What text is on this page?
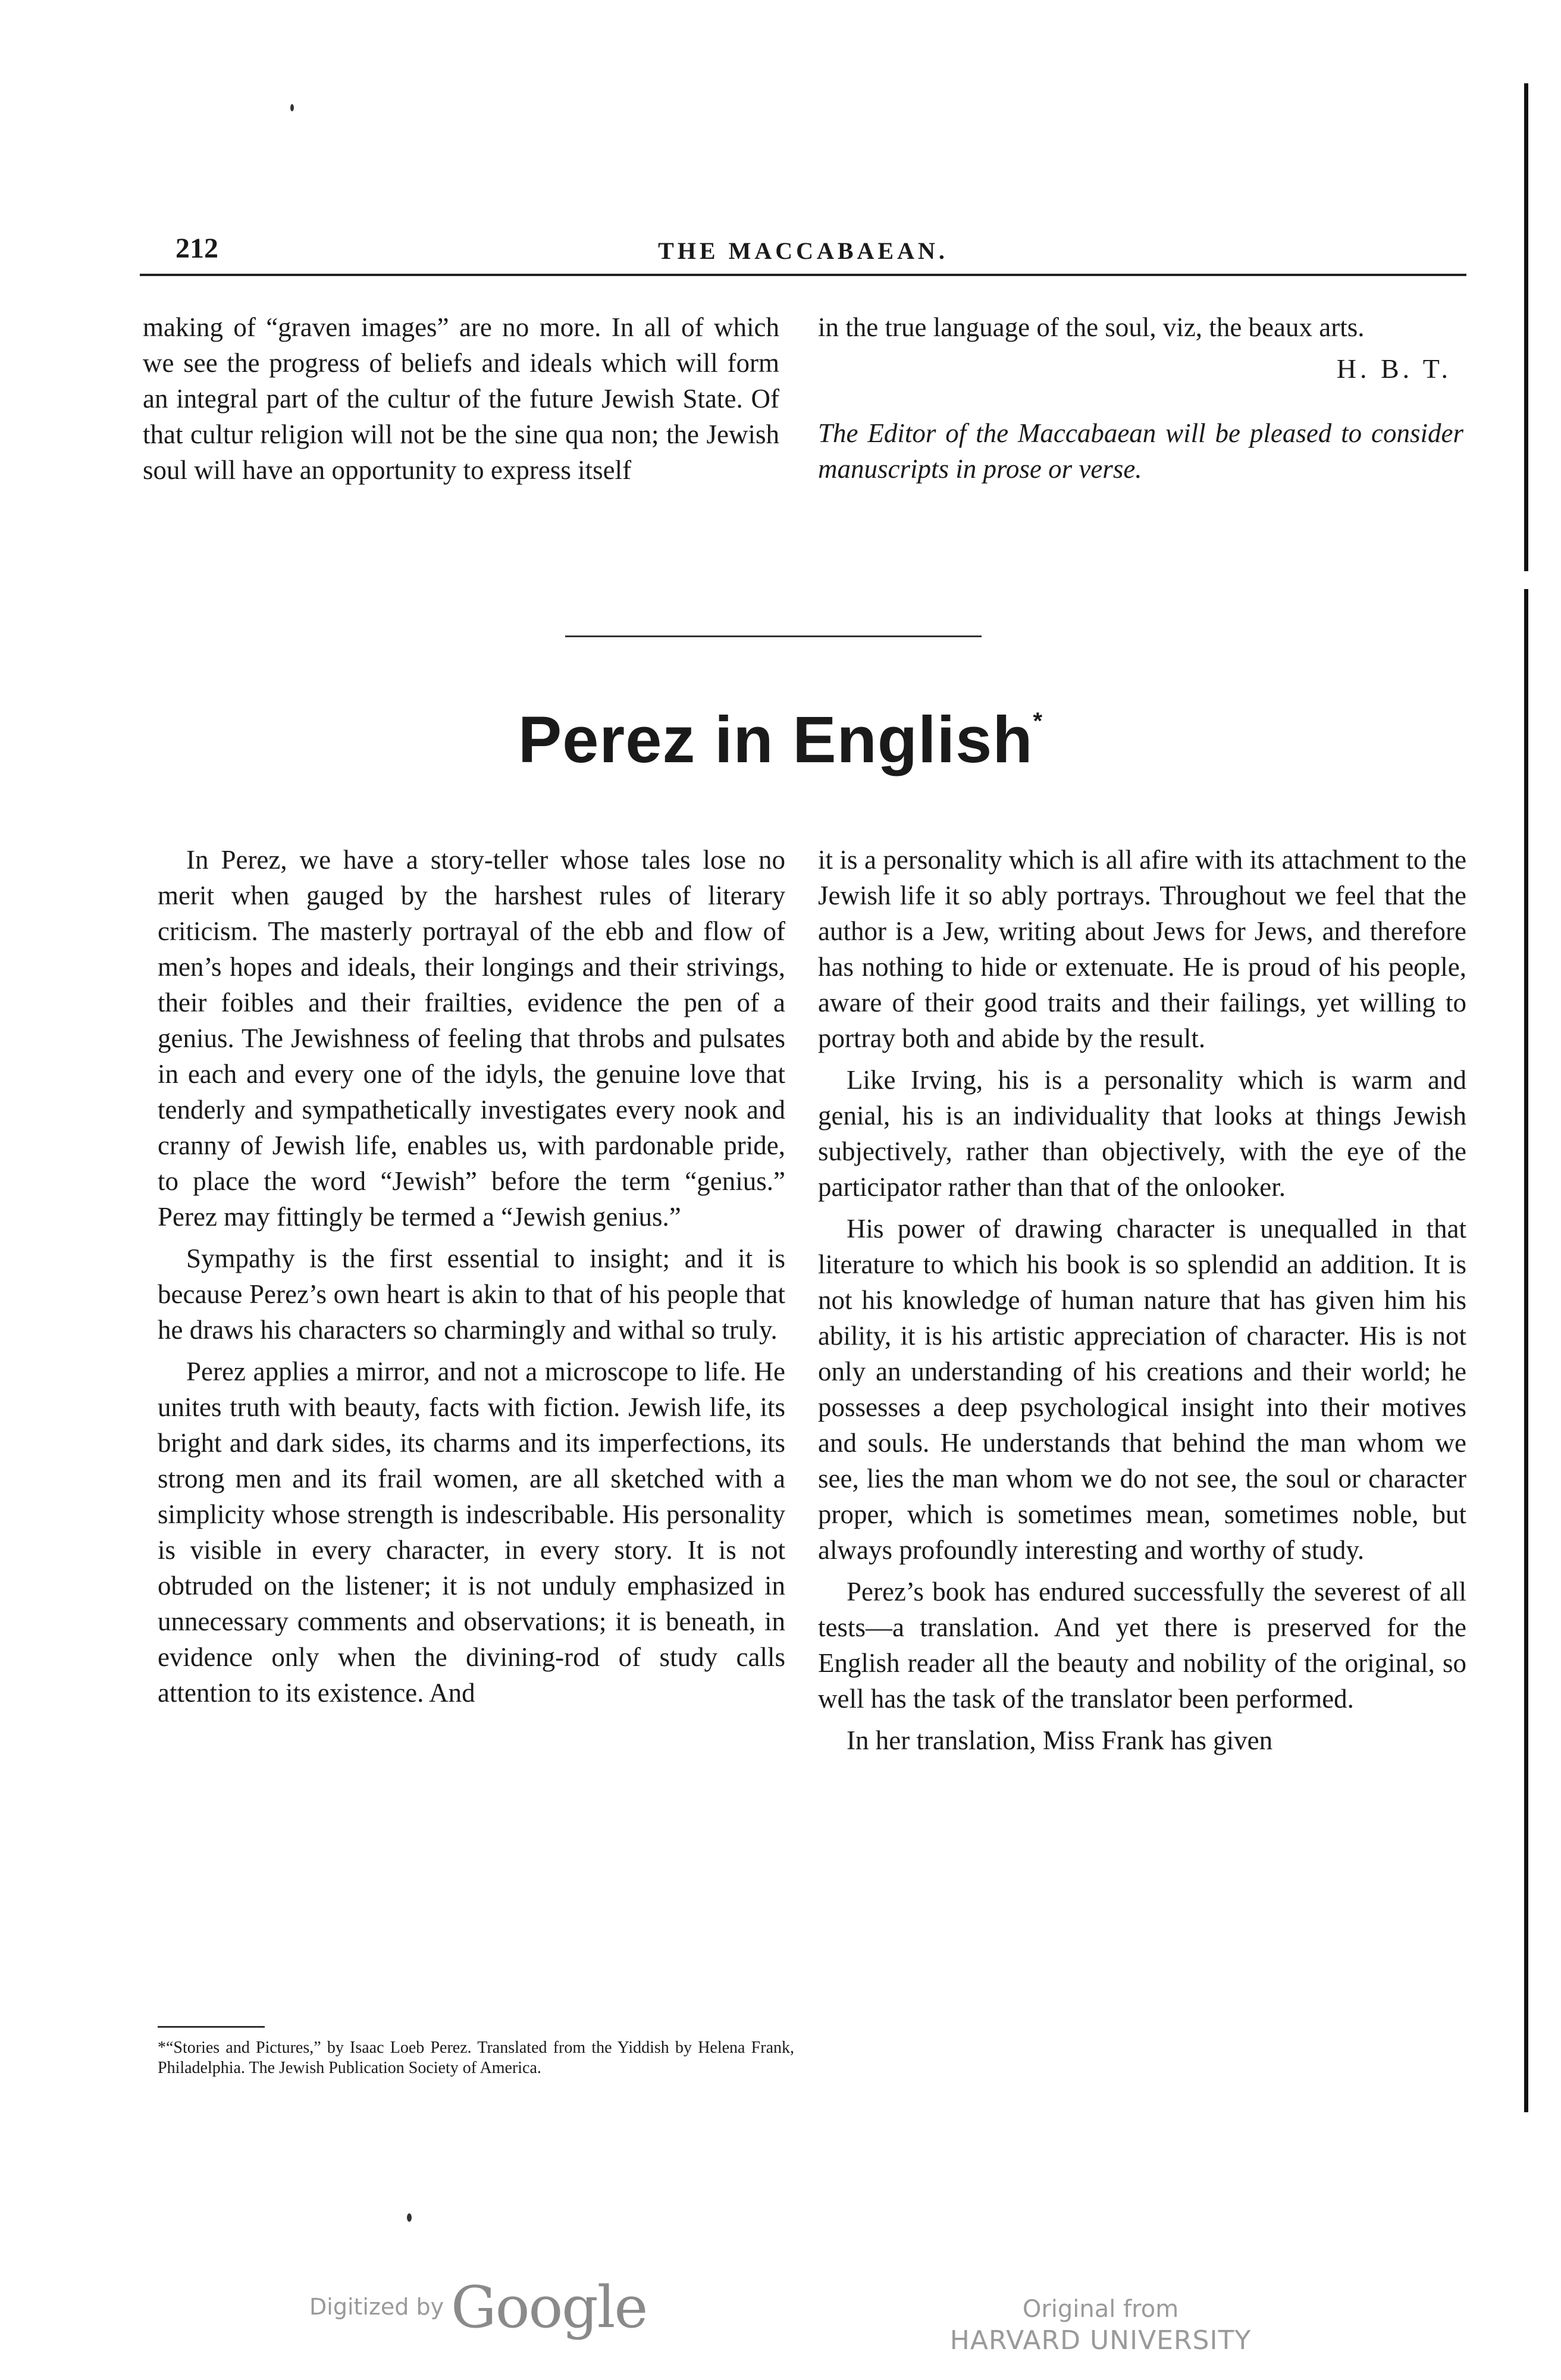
212	THE MACCABAEAN.

making of “graven images” are no more. In all of which we see the progress of beliefs and ideals which will form an integral part of the cultur of the future Jewish State. Of that cultur religion will not be the sine qua non; the Jewish soul will have an opportunity to express itself

in the true language of the soul, viz, the beaux arts.

H. B. T.

The Editor of the Maccabaean will be pleased to consider manuscripts in prose or verse.

Perez in English*

In Perez, we have a story-teller whose tales lose no merit when gauged by the harshest rules of literary criticism. The masterly portrayal of the ebb and flow of men’s hopes and ideals, their longings and their strivings, their foibles and their frailties, evidence the pen of a genius. The Jewishness of feeling that throbs and pulsates in each and every one of the idyls, the genuine love that tenderly and sympathetically investigates every nook and cranny of Jewish life, enables us, with pardonable pride, to place the word “Jewish” before the term “genius.” Perez may fittingly be termed a “Jewish genius.”

Sympathy is the first essential to insight; and it is because Perez’s own heart is akin to that of his people that he draws his characters so charmingly and withal so truly.

Perez applies a mirror, and not a microscope to life. He unites truth with beauty, facts with fiction. Jewish life, its bright and dark sides, its charms and its imperfections, its strong men and its frail women, are all sketched with a simplicity whose strength is indescribable. His personality is visible in every character, in every story. It is not obtruded on the listener; it is not unduly emphasized in unnecessary comments and observations; it is beneath, in evidence only when the divining-rod of study calls attention to its existence. And

it is a personality which is all afire with its attachment to the Jewish life it so ably portrays. Throughout we feel that the author is a Jew, writing about Jews for Jews, and therefore has nothing to hide or extenuate. He is proud of his people, aware of their good traits and their failings, yet willing to portray both and abide by the result.

Like Irving, his is a personality which is warm and genial, his is an individuality that looks at things Jewish subjectively, rather than objectively, with the eye of the participator rather than that of the onlooker.

His power of drawing character is unequalled in that literature to which his book is so splendid an addition. It is not his knowledge of human nature that has given him his ability, it is his artistic appreciation of character. His is not only an understanding of his creations and their world; he possesses a deep psychological insight into their motives and souls. He understands that behind the man whom we see, lies the man whom we do not see, the soul or character proper, which is sometimes mean, sometimes noble, but always profoundly interesting and worthy of study.

Perez’s book has endured successfully the severest of all tests—a translation. And yet there is preserved for the English reader all the beauty and nobility of the original, so well has the task of the translator been performed.

In her translation, Miss Frank has given

*“Stories and Pictures,” by Isaac Loeb Perez. Translated from the Yiddish by Helena Frank, Philadelphia. The Jewish Publication Society of America.
Digitized by Google	Original from
HARVARD UNIVERSITY
